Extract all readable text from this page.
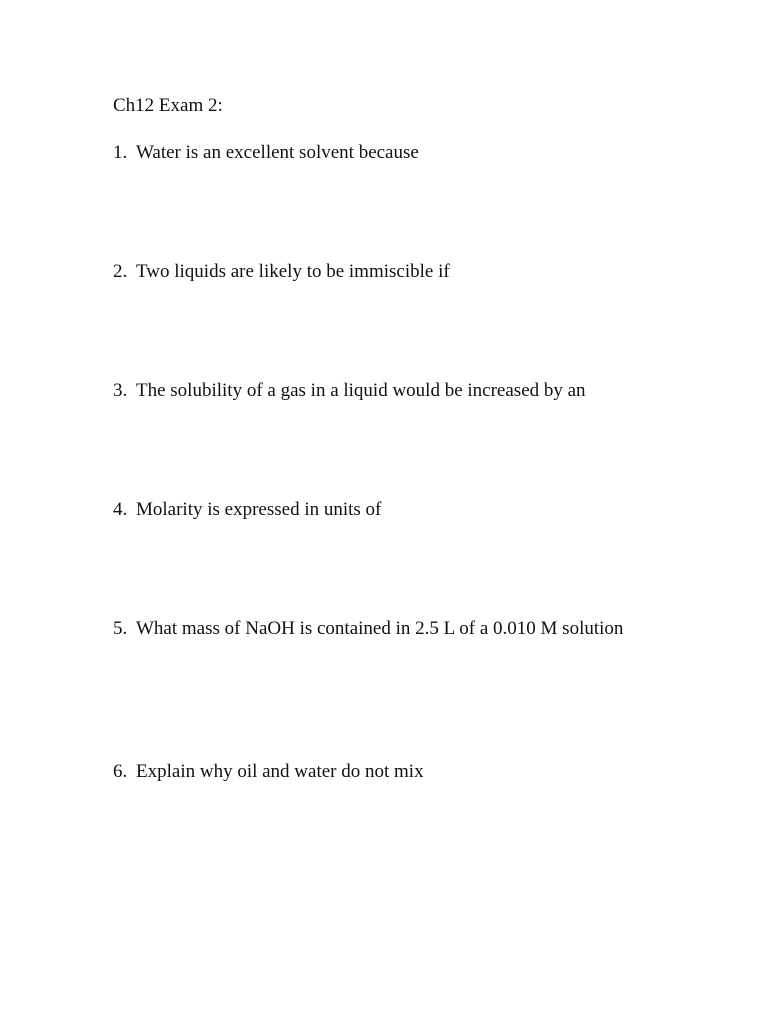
Ch12 Exam 2:
1. Water is an excellent solvent because
2. Two liquids are likely to be immiscible if
3. The solubility of a gas in a liquid would be increased by an
4. Molarity is expressed in units of
5. What mass of NaOH is contained in 2.5 L of a 0.010 M solution
6. Explain why oil and water do not mix
